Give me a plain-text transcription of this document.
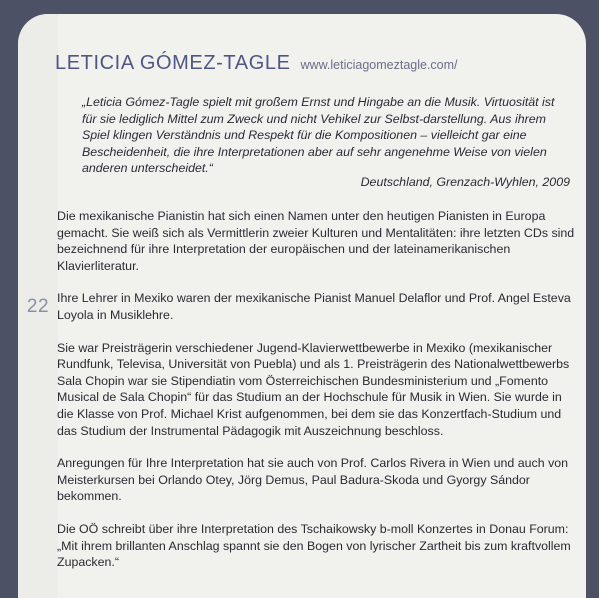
22
LETICIA GÓMEZ-TAGLE www.leticiagomeztagle.com/
„Leticia Gómez-Tagle spielt mit großem Ernst und Hingabe an die Musik. Virtuosität ist für sie lediglich Mittel zum Zweck und nicht Vehikel zur Selbst-darstellung. Aus ihrem Spiel klingen Verständnis und Respekt für die Kompositionen – vielleicht gar eine Bescheidenheit, die ihre Interpretationen aber auf sehr angenehme Weise von vielen anderen unterscheidet.“
Deutschland, Grenzach-Wyhlen, 2009

Die mexikanische Pianistin hat sich einen Namen unter den heutigen Pianisten in Europa gemacht. Sie weiß sich als Vermittlerin zweier Kulturen und Mentalitäten: ihre letzten CDs sind bezeichnend für ihre Interpretation der europäischen und der lateinamerikanischen Klavierliteratur.

Ihre Lehrer in Mexiko waren der mexikanische Pianist Manuel Delaflor und Prof. Angel Esteva Loyola in Musiklehre.

Sie war Preisträgerin verschiedener Jugend-Klavierwettbewerbe in Mexiko (mexikanischer Rundfunk, Televisa, Universität von Puebla) und als 1. Preisträgerin des Nationalwettbewerbs Sala Chopin war sie Stipendiatin vom Österreichischen Bundesministerium und „Fomento Musical de Sala Chopin“ für das Studium an der Hochschule für Musik in Wien. Sie wurde in die Klasse von Prof. Michael Krist aufgenommen, bei dem sie das Konzertfach-Studium und das Studium der Instrumental Pädagogik mit Auszeichnung beschloss.

Anregungen für Ihre Interpretation hat sie auch von Prof. Carlos Rivera in Wien und auch von Meisterkursen bei Orlando Otey, Jörg Demus, Paul Badura-Skoda und Gyorgy Sándor bekommen.

Die OÖ schreibt über ihre Interpretation des Tschaikowsky b-moll Konzertes in Donau Forum: „Mit ihrem brillanten Anschlag spannt sie den Bogen von lyrischer Zartheit bis zum kraftvollem Zupacken.“
